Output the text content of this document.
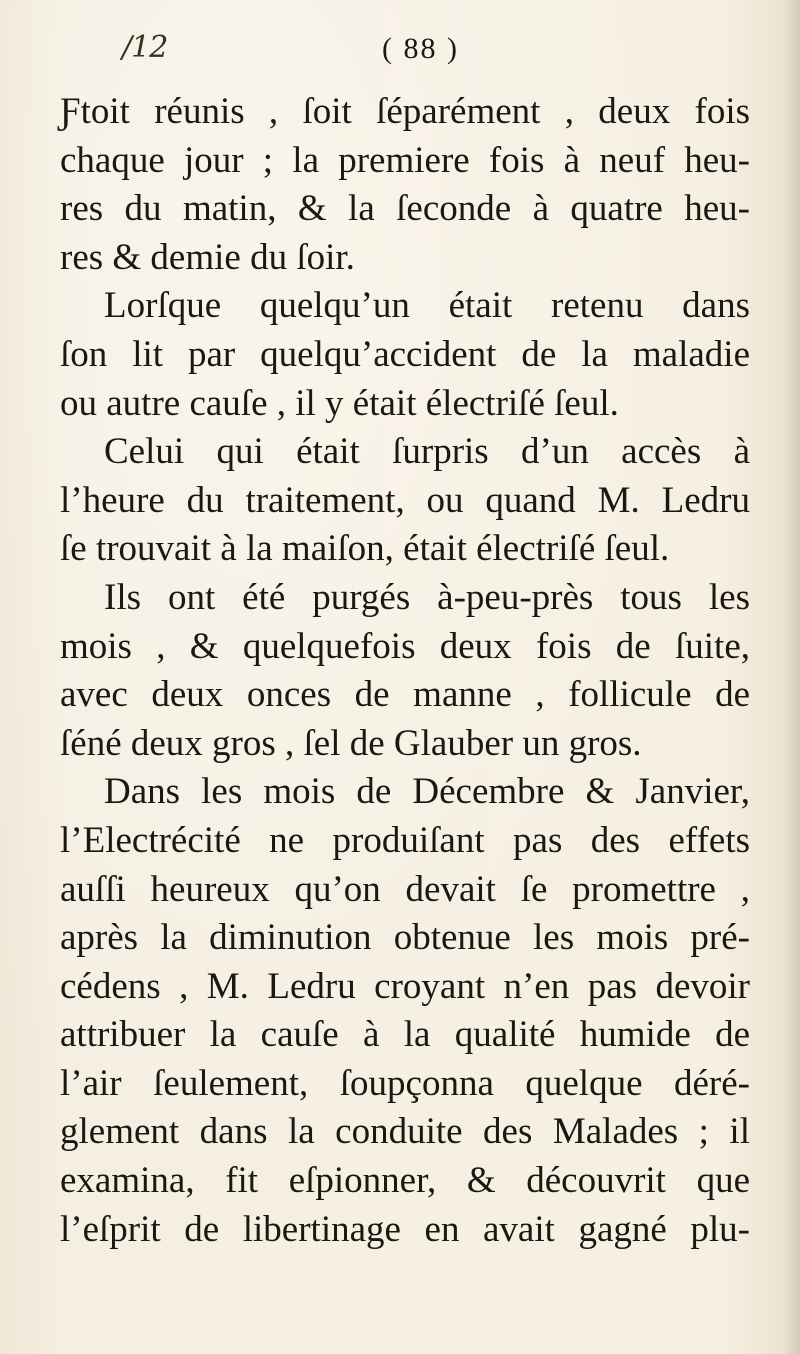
/12	( 88 )
Ƒtoit réunis , ſoit ſéparément , deux fois
chaque jour ; la premiere fois à neuf heu-
res du matin, & la ſeconde à quatre heu-
res & demie du ſoir.
Lorſque quelqu’un était retenu dans
ſon lit par quelqu’accident de la maladie
ou autre cauſe , il y était électriſé ſeul.
Celui qui était ſurpris d’un accès à
l’heure du traitement, ou quand M. Ledru
ſe trouvait à la maiſon, était électriſé ſeul.
Ils ont été purgés à-peu-près tous les
mois , & quelquefois deux fois de ſuite,
avec deux onces de manne , follicule de
ſéné deux gros , ſel de Glauber un gros.
Dans les mois de Décembre & Janvier,
l’Electrécité ne produiſant pas des effets
auſſi heureux qu’on devait ſe promettre ,
après la diminution obtenue les mois pré-
cédens , M. Ledru croyant n’en pas devoir
attribuer la cauſe à la qualité humide de
l’air ſeulement, ſoupçonna quelque déré-
glement dans la conduite des Malades ; il
examina, fit eſpionner, & découvrit que
l’eſprit de libertinage en avait gagné plu-
